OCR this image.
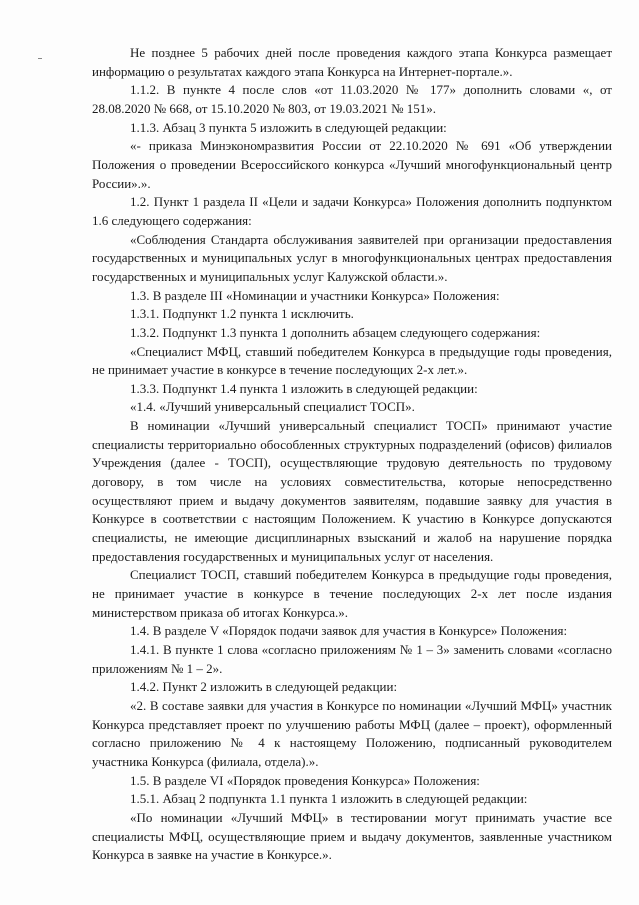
Не позднее 5 рабочих дней после проведения каждого этапа Конкурса размещает информацию о результатах каждого этапа Конкурса на Интернет-портале.».

1.1.2. В пункте 4 после слов «от 11.03.2020 № 177» дополнить словами «, от 28.08.2020 № 668, от 15.10.2020 № 803, от 19.03.2021 № 151».

1.1.3. Абзац 3 пункта 5 изложить в следующей редакции:

«- приказа Минэкономразвития России от 22.10.2020 № 691 «Об утверждении Положения о проведении Всероссийского конкурса «Лучший многофункциональный центр России».».

1.2. Пункт 1 раздела II «Цели и задачи Конкурса» Положения дополнить подпунктом 1.6 следующего содержания:

«Соблюдения Стандарта обслуживания заявителей при организации предоставления государственных и муниципальных услуг в многофункциональных центрах предоставления государственных и муниципальных услуг Калужской области.».

1.3. В разделе III «Номинации и участники Конкурса» Положения:

1.3.1. Подпункт 1.2 пункта 1 исключить.

1.3.2. Подпункт 1.3 пункта 1 дополнить абзацем следующего содержания:

«Специалист МФЦ, ставший победителем Конкурса в предыдущие годы проведения, не принимает участие в конкурсе в течение последующих 2-х лет.».

1.3.3. Подпункт 1.4 пункта 1 изложить в следующей редакции:

«1.4. «Лучший универсальный специалист ТОСП».

В номинации «Лучший универсальный специалист ТОСП» принимают участие специалисты территориально обособленных структурных подразделений (офисов) филиалов Учреждения (далее - ТОСП), осуществляющие трудовую деятельность по трудовому договору, в том числе на условиях совместительства, которые непосредственно осуществляют прием и выдачу документов заявителям, подавшие заявку для участия в Конкурсе в соответствии с настоящим Положением. К участию в Конкурсе допускаются специалисты, не имеющие дисциплинарных взысканий и жалоб на нарушение порядка предоставления государственных и муниципальных услуг от населения.

Специалист ТОСП, ставший победителем Конкурса в предыдущие годы проведения, не принимает участие в конкурсе в течение последующих 2-х лет после издания министерством приказа об итогах Конкурса.».

1.4. В разделе V «Порядок подачи заявок для участия в Конкурсе» Положения:

1.4.1. В пункте 1 слова «согласно приложениям № 1 – 3» заменить словами «согласно приложениям № 1 – 2».

1.4.2. Пункт 2 изложить в следующей редакции:

«2. В составе заявки для участия в Конкурсе по номинации «Лучший МФЦ» участник Конкурса представляет проект по улучшению работы МФЦ (далее – проект), оформленный согласно приложению № 4 к настоящему Положению, подписанный руководителем участника Конкурса (филиала, отдела).».

1.5. В разделе VI «Порядок проведения Конкурса» Положения:

1.5.1. Абзац 2 подпункта 1.1 пункта 1 изложить в следующей редакции:

«По номинации «Лучший МФЦ» в тестировании могут принимать участие все специалисты МФЦ, осуществляющие прием и выдачу документов, заявленные участником Конкурса в заявке на участие в Конкурсе.».
